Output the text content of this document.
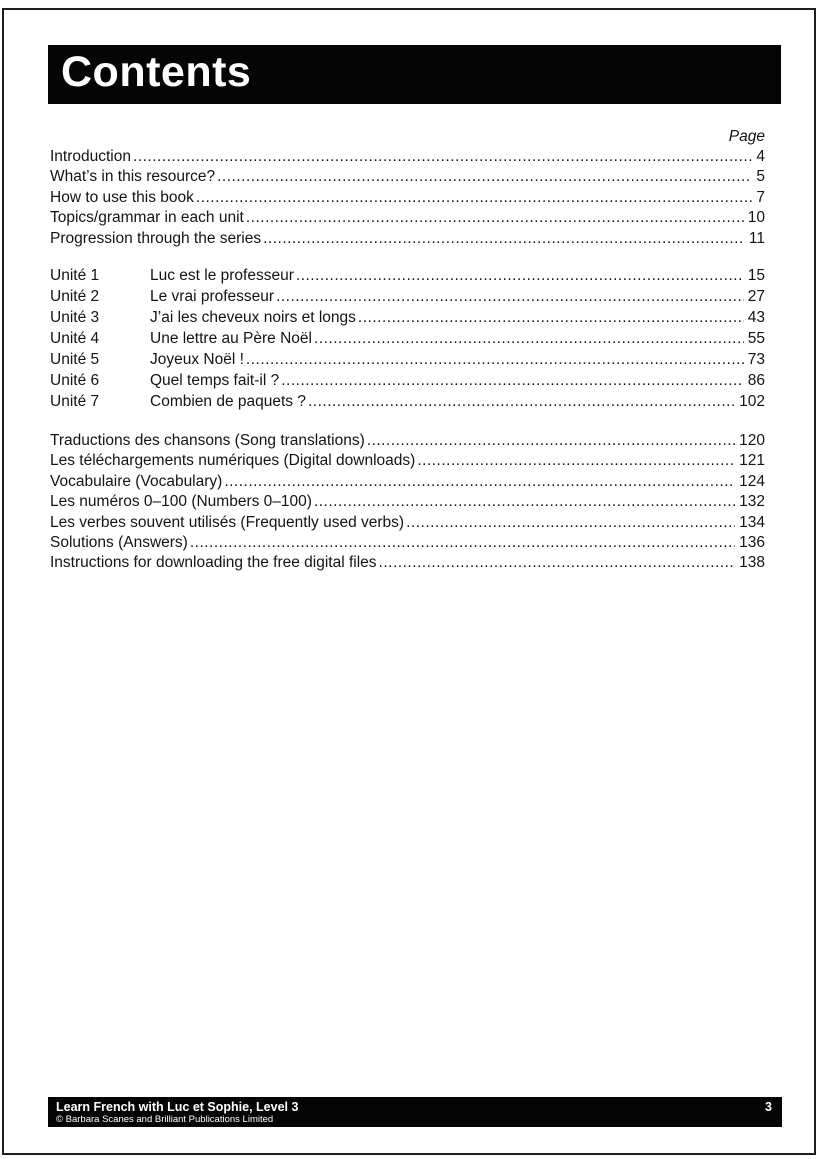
Contents
Page
Introduction .....	4
What’s in this resource? .....	5
How to use this book .....	7
Topics/grammar in each unit .....	10
Progression through the series .....	11
Unité 1	Luc est le professeur .....	15
Unité 2	Le vrai professeur .....	27
Unité 3	J’ai les cheveux noirs et longs .....	43
Unité 4	Une lettre au Père Noël .....	55
Unité 5	Joyeux Noël ! .....	73
Unité 6	Quel temps fait-il ? .....	86
Unité 7	Combien de paquets ? .....	102
Traductions des chansons (Song translations) .....	120
Les téléchargements numériques (Digital downloads) .....	121
Vocabulaire (Vocabulary) .....	124
Les numéros 0–100 (Numbers 0–100) .....	132
Les verbes souvent utilisés (Frequently used verbs) .....	134
Solutions (Answers) .....	136
Instructions for downloading the free digital files .....	138
Learn French with Luc et Sophie, Level 3
© Barbara Scanes and Brilliant Publications Limited
3
